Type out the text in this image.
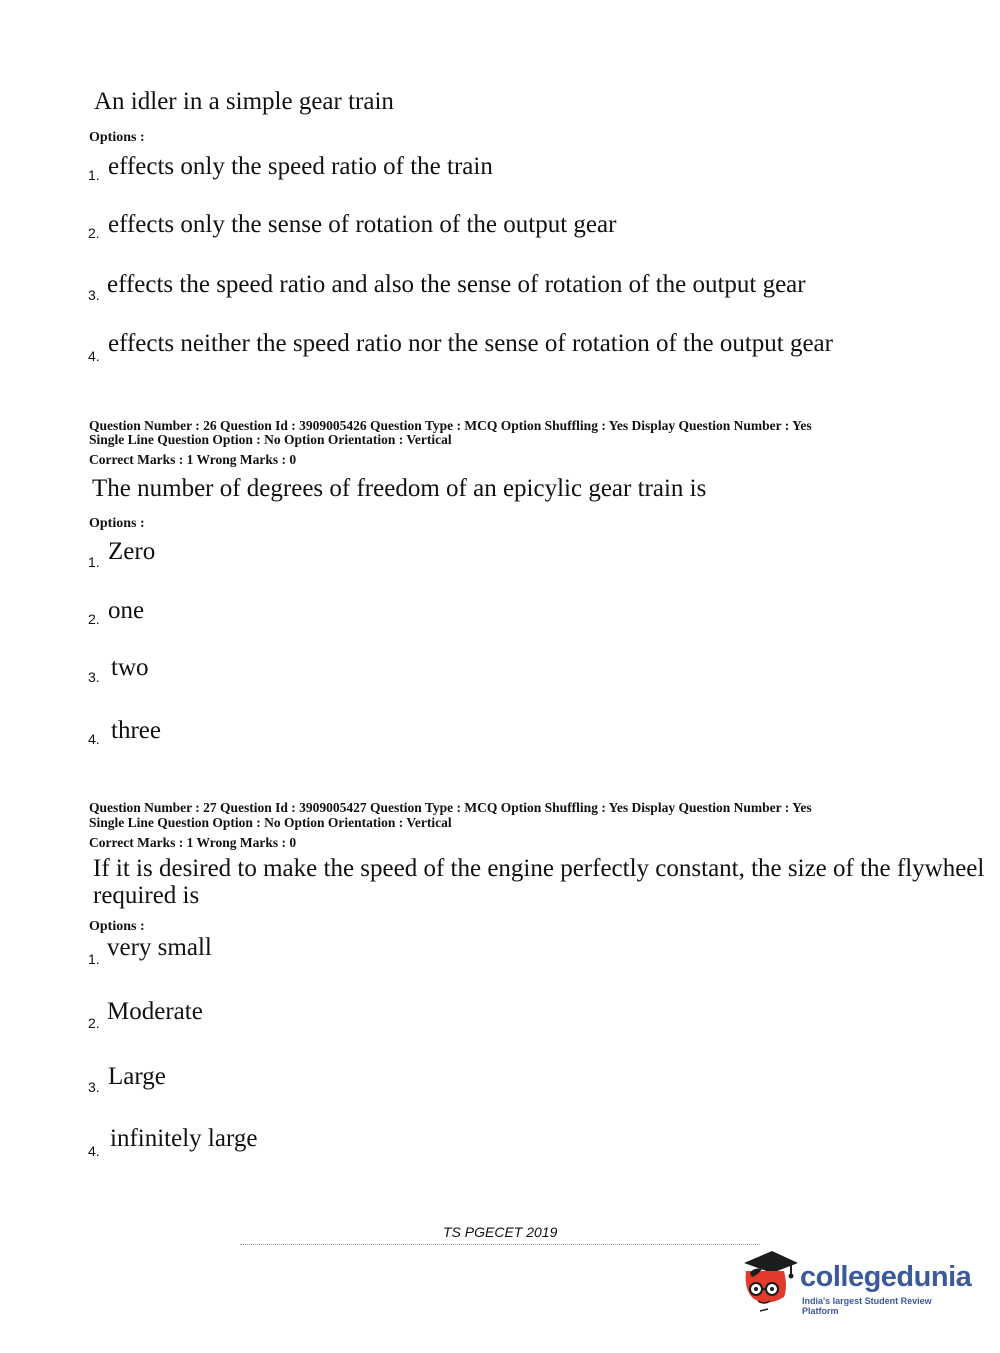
An idler in a simple gear train
Options :
1. effects only the speed ratio of the train
2. effects only the sense of rotation of the output gear
3. effects the speed ratio and also the sense of rotation of the output gear
4. effects neither the speed ratio nor the sense of rotation of the output gear
Question Number : 26 Question Id : 3909005426 Question Type : MCQ Option Shuffling : Yes Display Question Number : Yes
Single Line Question Option : No Option Orientation : Vertical
Correct Marks : 1 Wrong Marks : 0
The number of degrees of freedom of an epicylic gear train is
Options :
1. Zero
2. one
3. two
4. three
Question Number : 27 Question Id : 3909005427 Question Type : MCQ Option Shuffling : Yes Display Question Number : Yes
Single Line Question Option : No Option Orientation : Vertical
Correct Marks : 1 Wrong Marks : 0
If it is desired to make the speed of the engine perfectly constant, the size of the flywheel
required is
Options :
1. very small
2. Moderate
3. Large
4. infinitely large
TS PGECET 2019
collegedunia
India's largest Student Review Platform
